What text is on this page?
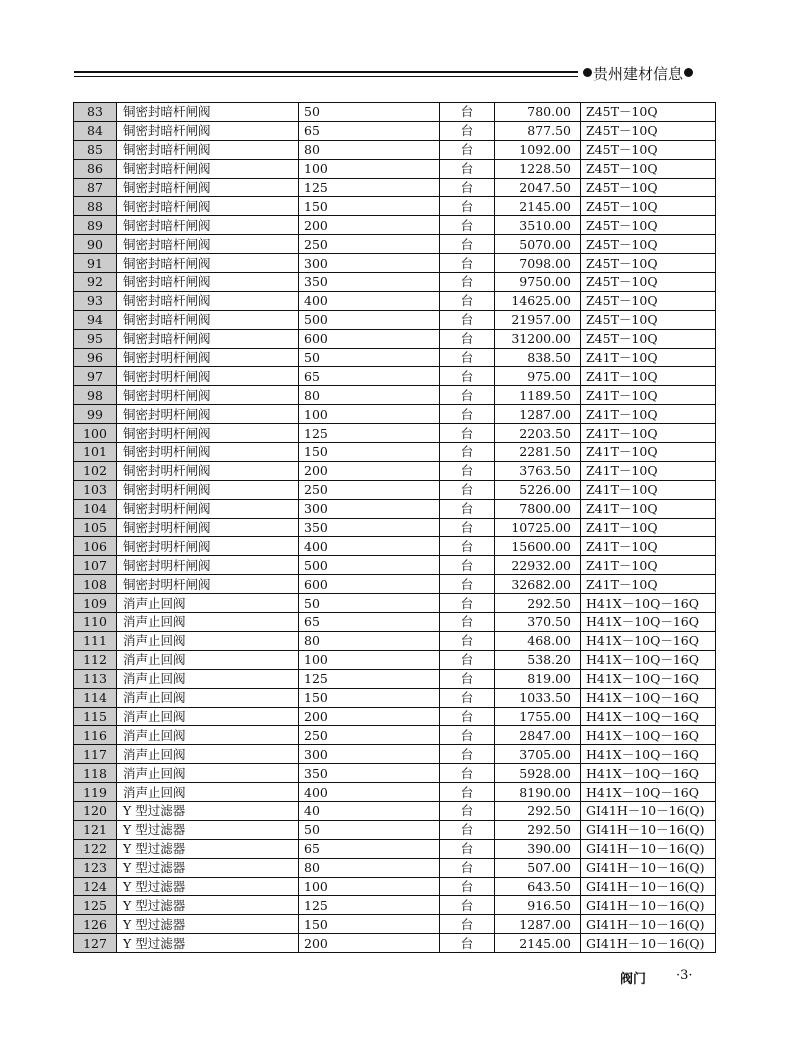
贵州建材信息
83	铜密封暗杆闸阀	50	台	780.00	Z45T－10Q
84	铜密封暗杆闸阀	65	台	877.50	Z45T－10Q
85	铜密封暗杆闸阀	80	台	1092.00	Z45T－10Q
86	铜密封暗杆闸阀	100	台	1228.50	Z45T－10Q
87	铜密封暗杆闸阀	125	台	2047.50	Z45T－10Q
88	铜密封暗杆闸阀	150	台	2145.00	Z45T－10Q
89	铜密封暗杆闸阀	200	台	3510.00	Z45T－10Q
90	铜密封暗杆闸阀	250	台	5070.00	Z45T－10Q
91	铜密封暗杆闸阀	300	台	7098.00	Z45T－10Q
92	铜密封暗杆闸阀	350	台	9750.00	Z45T－10Q
93	铜密封暗杆闸阀	400	台	14625.00	Z45T－10Q
94	铜密封暗杆闸阀	500	台	21957.00	Z45T－10Q
95	铜密封暗杆闸阀	600	台	31200.00	Z45T－10Q
96	铜密封明杆闸阀	50	台	838.50	Z41T－10Q
97	铜密封明杆闸阀	65	台	975.00	Z41T－10Q
98	铜密封明杆闸阀	80	台	1189.50	Z41T－10Q
99	铜密封明杆闸阀	100	台	1287.00	Z41T－10Q
100	铜密封明杆闸阀	125	台	2203.50	Z41T－10Q
101	铜密封明杆闸阀	150	台	2281.50	Z41T－10Q
102	铜密封明杆闸阀	200	台	3763.50	Z41T－10Q
103	铜密封明杆闸阀	250	台	5226.00	Z41T－10Q
104	铜密封明杆闸阀	300	台	7800.00	Z41T－10Q
105	铜密封明杆闸阀	350	台	10725.00	Z41T－10Q
106	铜密封明杆闸阀	400	台	15600.00	Z41T－10Q
107	铜密封明杆闸阀	500	台	22932.00	Z41T－10Q
108	铜密封明杆闸阀	600	台	32682.00	Z41T－10Q
109	消声止回阀	50	台	292.50	H41X－10Q－16Q
110	消声止回阀	65	台	370.50	H41X－10Q－16Q
111	消声止回阀	80	台	468.00	H41X－10Q－16Q
112	消声止回阀	100	台	538.20	H41X－10Q－16Q
113	消声止回阀	125	台	819.00	H41X－10Q－16Q
114	消声止回阀	150	台	1033.50	H41X－10Q－16Q
115	消声止回阀	200	台	1755.00	H41X－10Q－16Q
116	消声止回阀	250	台	2847.00	H41X－10Q－16Q
117	消声止回阀	300	台	3705.00	H41X－10Q－16Q
118	消声止回阀	350	台	5928.00	H41X－10Q－16Q
119	消声止回阀	400	台	8190.00	H41X－10Q－16Q
120	Y 型过滤器	40	台	292.50	GI41H－10－16(Q)
121	Y 型过滤器	50	台	292.50	GI41H－10－16(Q)
122	Y 型过滤器	65	台	390.00	GI41H－10－16(Q)
123	Y 型过滤器	80	台	507.00	GI41H－10－16(Q)
124	Y 型过滤器	100	台	643.50	GI41H－10－16(Q)
125	Y 型过滤器	125	台	916.50	GI41H－10－16(Q)
126	Y 型过滤器	150	台	1287.00	GI41H－10－16(Q)
127	Y 型过滤器	200	台	2145.00	GI41H－10－16(Q)
阀门 ·3·
